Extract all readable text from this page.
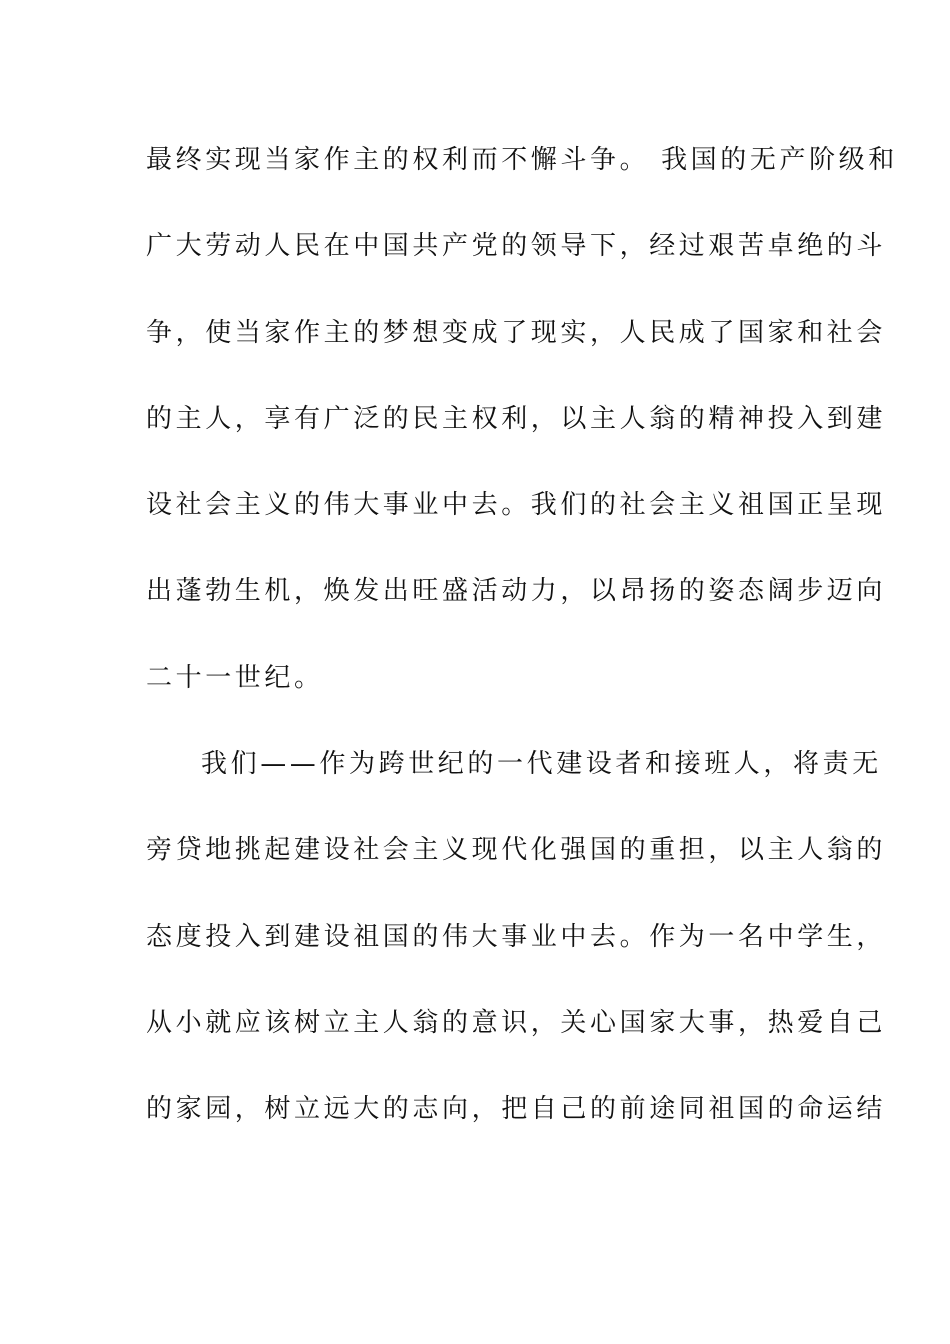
最终实现当家作主的权利而不懈斗争。 我国的无产阶级和
广大劳动人民在中国共产党的领导下，经过艰苦卓绝的斗
争，使当家作主的梦想变成了现实，人民成了国家和社会
的主人，享有广泛的民主权利，以主人翁的精神投入到建
设社会主义的伟大事业中去。我们的社会主义祖国正呈现
出蓬勃生机，焕发出旺盛活动力，以昂扬的姿态阔步迈向
二十一世纪。
我们——作为跨世纪的一代建设者和接班人，将责无
旁贷地挑起建设社会主义现代化强国的重担，以主人翁的
态度投入到建设祖国的伟大事业中去。作为一名中学生，
从小就应该树立主人翁的意识，关心国家大事，热爱自己
的家园，树立远大的志向，把自己的前途同祖国的命运结
